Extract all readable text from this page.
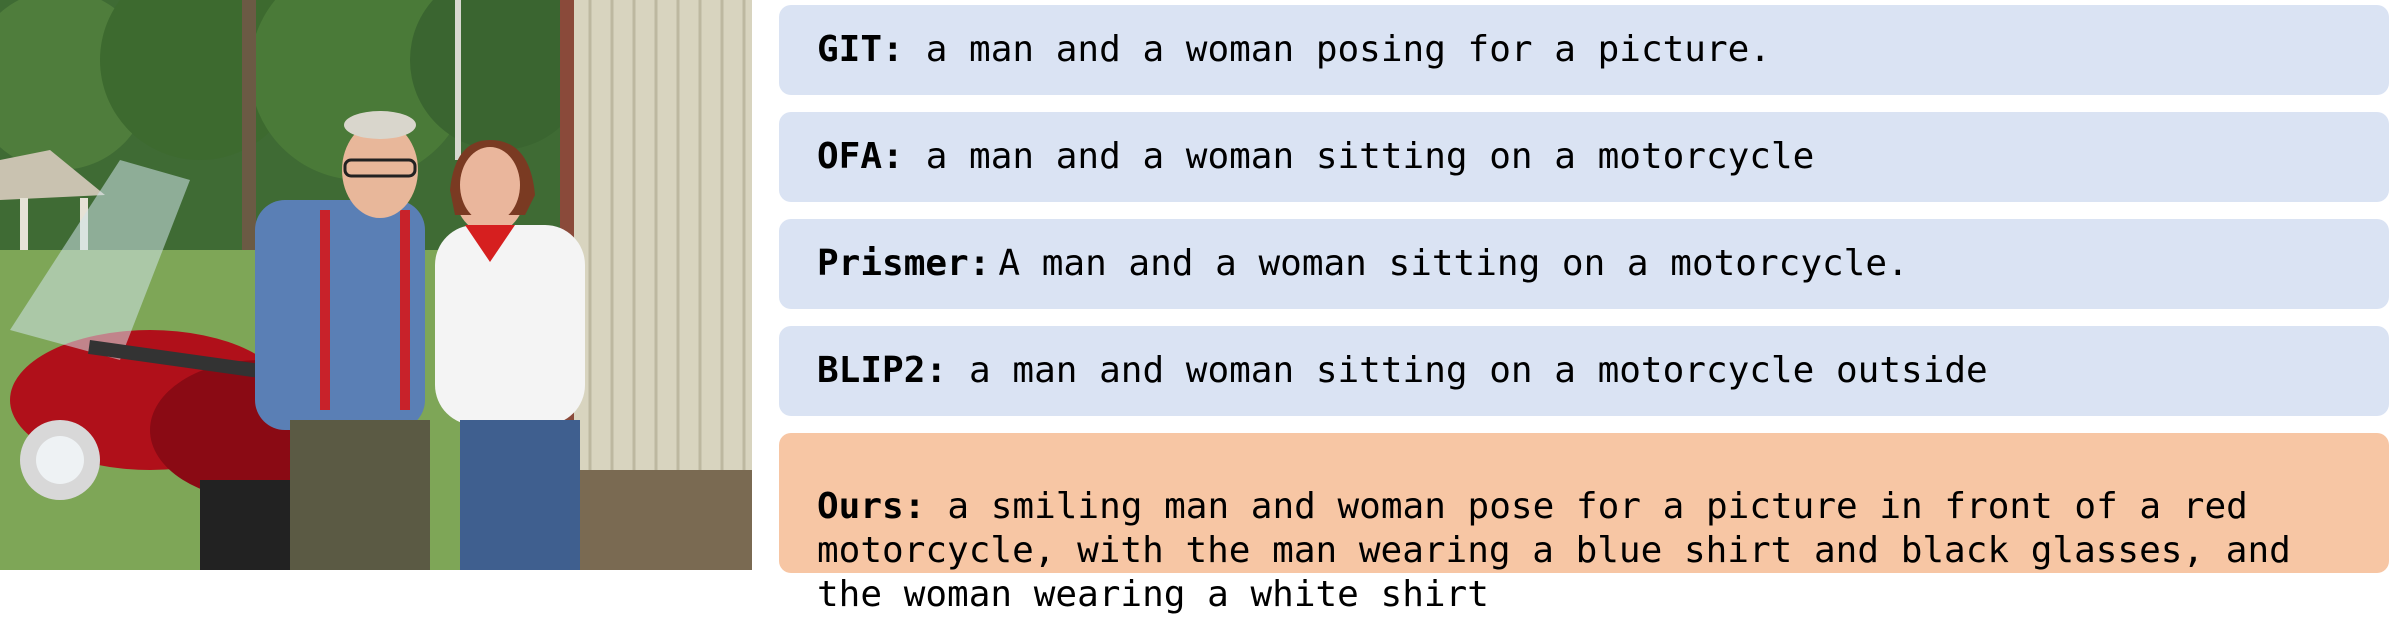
GIT: a man and a woman posing for a picture.
OFA: a man and a woman sitting on a motorcycle
Prismer: A man and a woman sitting on a motorcycle.
BLIP2: a man and woman sitting on a motorcycle outside

Ours: a smiling man and woman pose for a picture in front of a red
motorcycle, with the man wearing a blue shirt and black glasses, and
the woman wearing a white shirt
